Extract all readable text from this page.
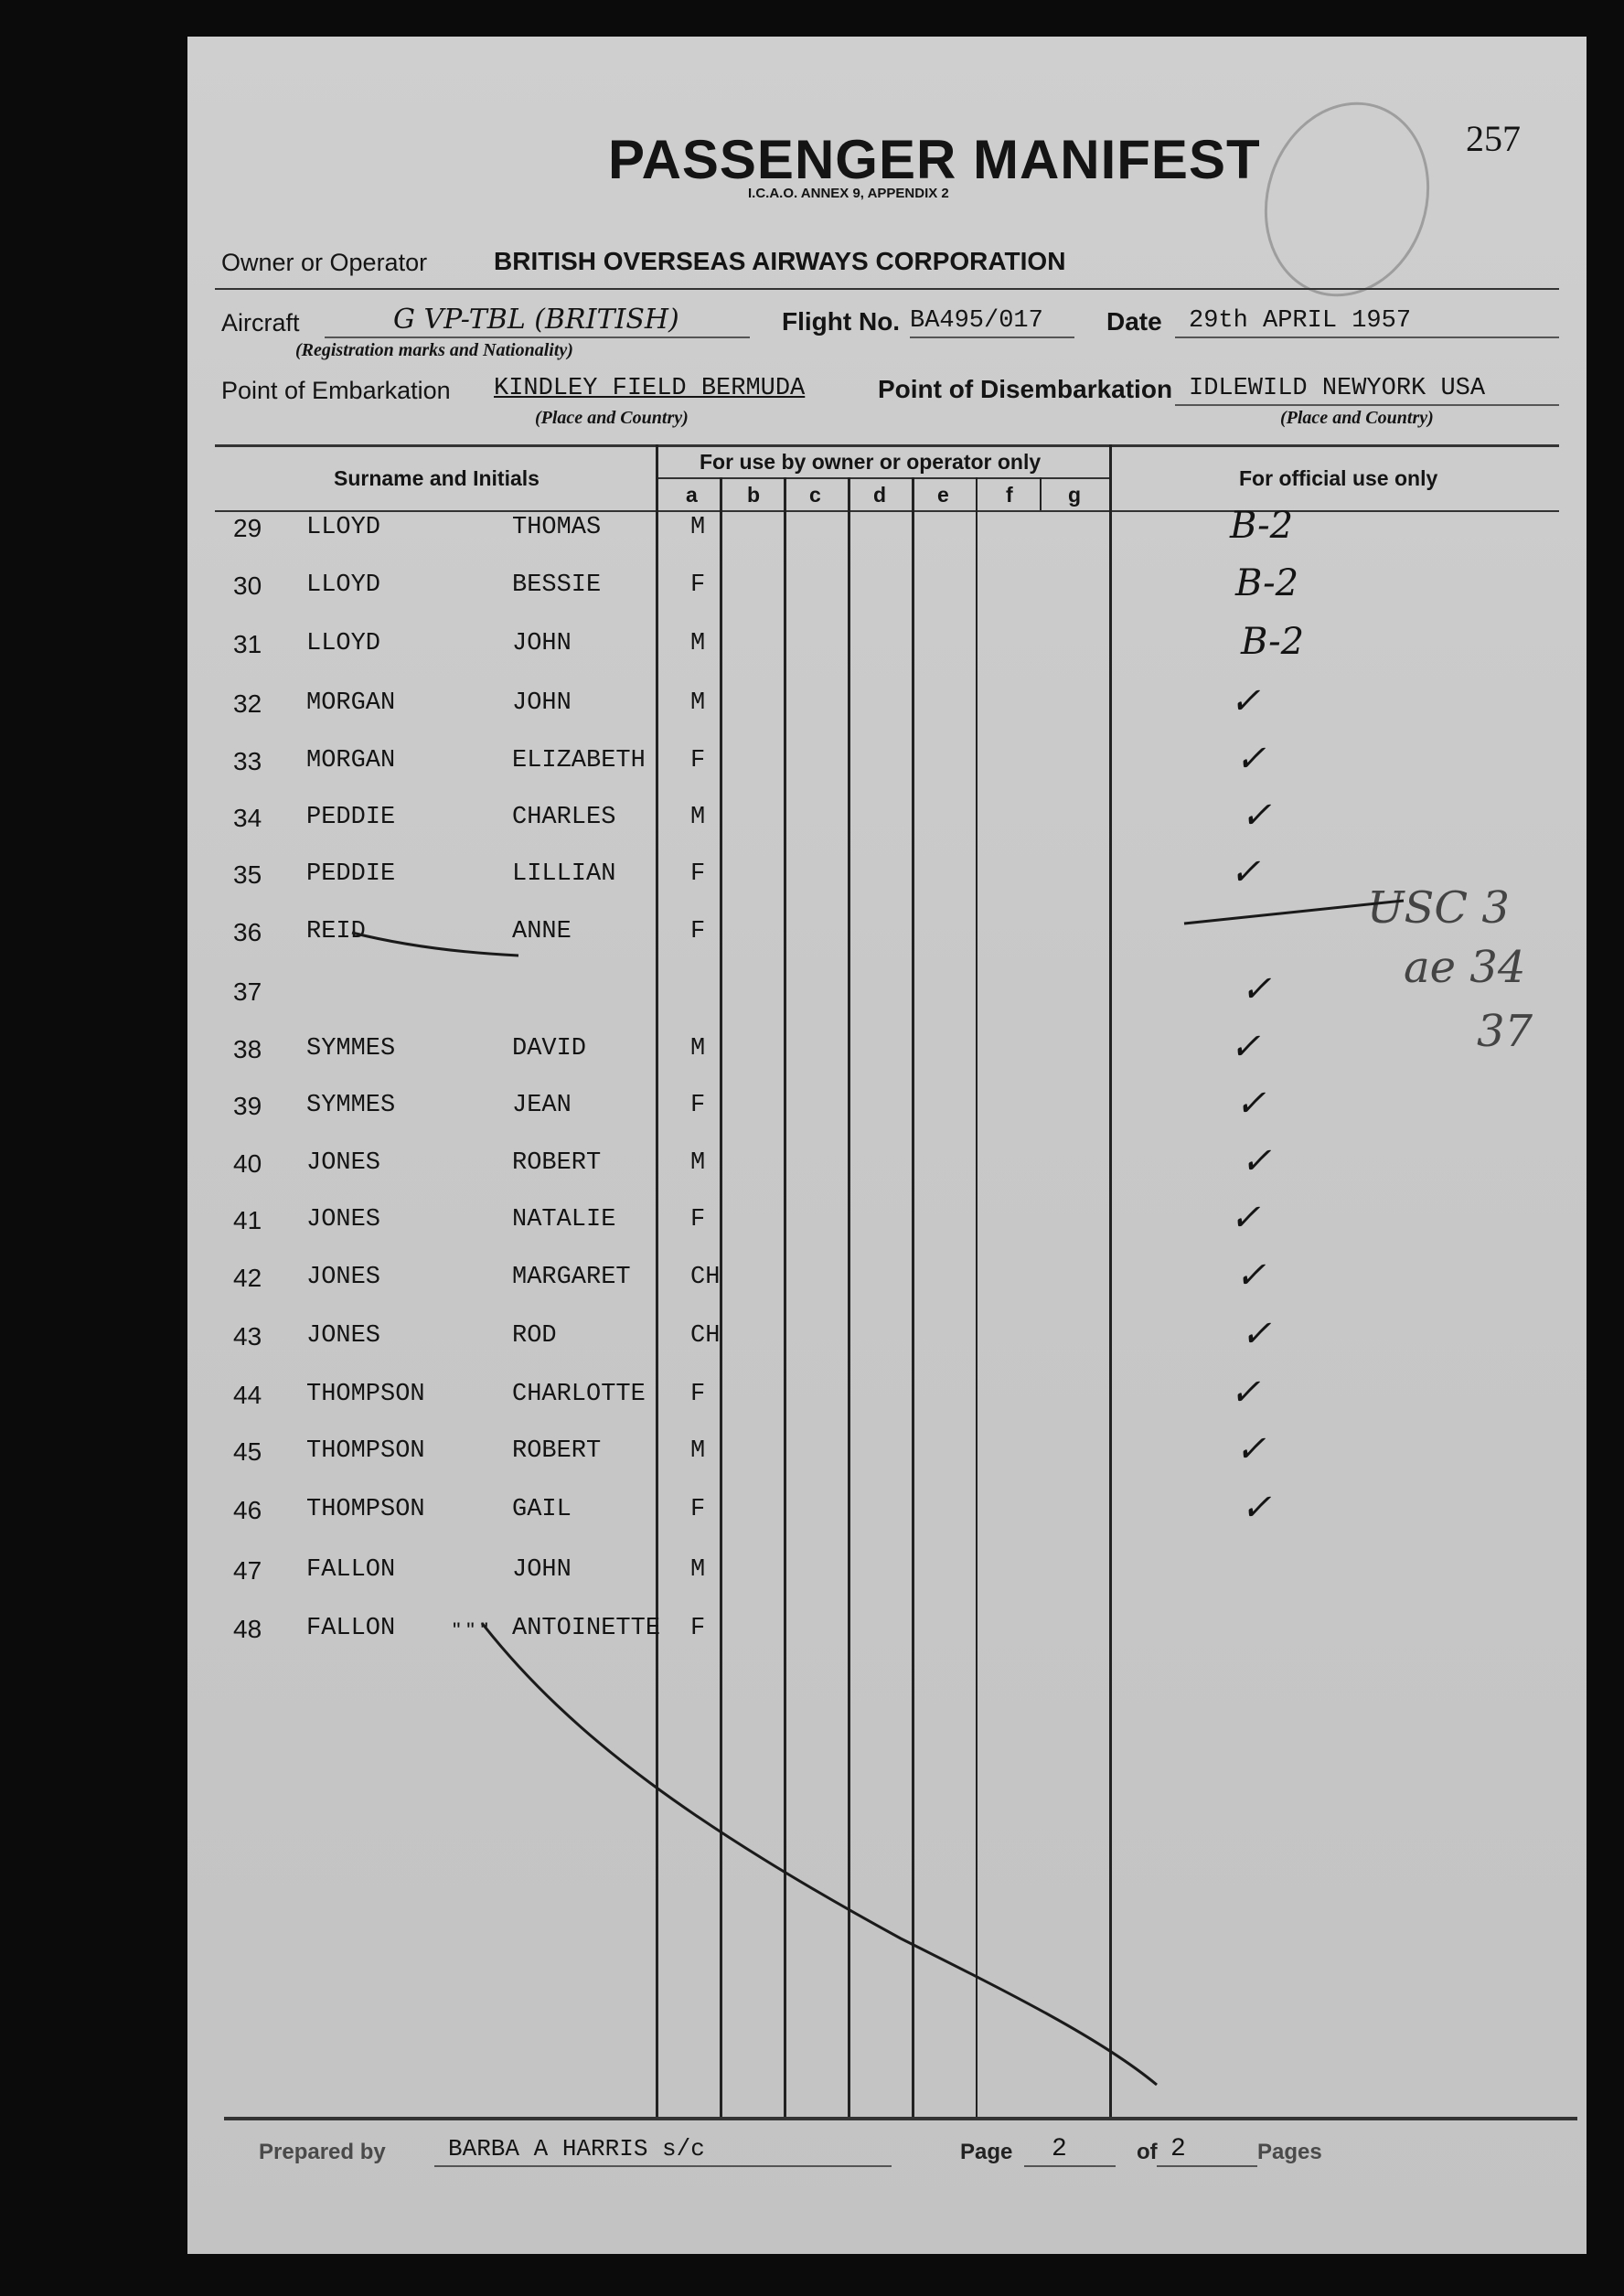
257
PASSENGER MANIFEST
I.C.A.O. ANNEX 9, APPENDIX 2
Owner or Operator	BRITISH OVERSEAS AIRWAYS CORPORATION
Aircraft	G VP-TBL (BRITISH)
(Registration marks and Nationality)
Flight No. BA495/017 Date 29th APRIL 1957
Point of Embarkation KINDLEY FIELD BERMUDA
(Place and Country)
Point of Disembarkation IDLEWILD NEWYORK USA
(Place and Country)
Surname and Initials
For use by owner or operator only
For official use only
a b c d e	f	g
29 LLOYD	THOMAS	M	B-2
30 LLOYD	BESSIE	F	B-2
31 LLOYD	JOHN	M	B-2
32 MORGAN	JOHN	M	✓
33 MORGAN	ELIZABETH F	✓
34 PEDDIE	CHARLES	M	✓
35 PEDDIE	LILLIAN	F	✓
36 REID	ANNE	F
37	✓
38 SYMMES	DAVID	M	✓
39 SYMMES	JEAN	F	✓
40 JONES	ROBERT	M	✓
41 JONES	NATALIE	F	✓
42 JONES	MARGARET CH	✓
43 JONES	ROD	CH	✓
44 THOMPSON	CHARLOTTE F	✓
45 THOMPSON	ROBERT	M	✓
46 THOMPSON	GAIL	F	✓
47 FALLON	JOHN	M
48 FALLON	ANTOINETTE F
" " "
USC 3
ae 34
37
Prepared by	BARBA A HARRIS s/c	Page 2	of 2	Pages
